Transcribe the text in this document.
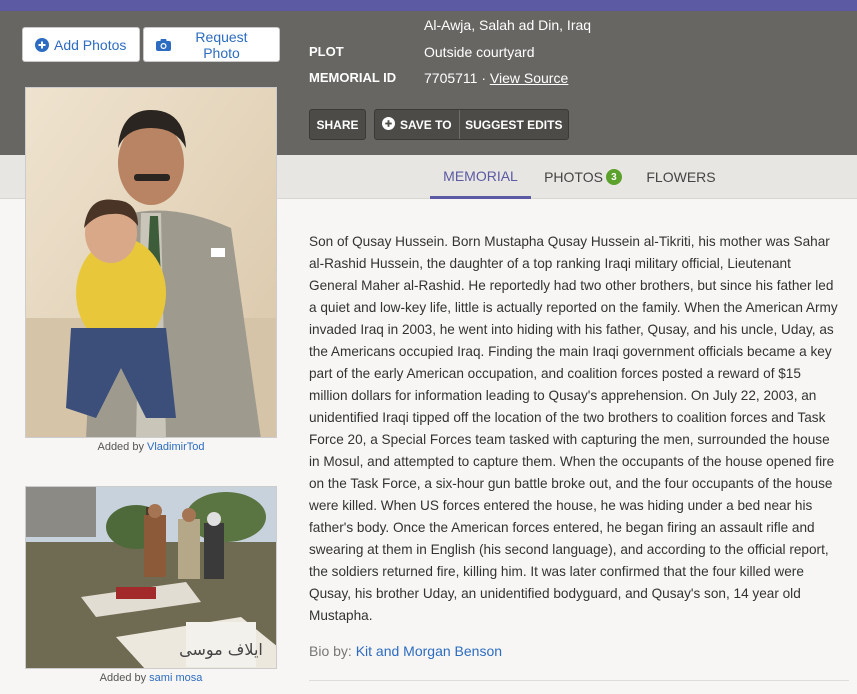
Add Photos	Request Photo
Added by VladimirTod
ايلاف موسى
Added by sami mosa
Al-Awja, Salah ad Din, Iraq
PLOT	Outside courtyard
MEMORIAL ID 7705711 · View Source
SHARE	SAVE TO	SUGGEST EDITS
MEMORIAL	PHOTOS 3	FLOWERS
Son of Qusay Hussein. Born Mustapha Qusay Hussein al-Tikriti, his mother was Sahar al-Rashid Hussein, the daughter of a top ranking Iraqi military official, Lieutenant General Maher al-Rashid. He reportedly had two other brothers, but since his father led a quiet and low-key life, little is actually reported on the family. When the American Army invaded Iraq in 2003, he went into hiding with his father, Qusay, and his uncle, Uday, as the Americans occupied Iraq. Finding the main Iraqi government officials became a key part of the early American occupation, and coalition forces posted a reward of $15 million dollars for information leading to Qusay's apprehension. On July 22, 2003, an unidentified Iraqi tipped off the location of the two brothers to coalition forces and Task Force 20, a Special Forces team tasked with capturing the men, surrounded the house in Mosul, and attempted to capture them. When the occupants of the house opened fire on the Task Force, a six-hour gun battle broke out, and the four occupants of the house were killed. When US forces entered the house, he was hiding under a bed near his father's body. Once the American forces entered, he began firing an assault rifle and swearing at them in English (his second language), and according to the official report, the soldiers returned fire, killing him. It was later confirmed that the four killed were Qusay, his brother Uday, an unidentified bodyguard, and Qusay's son, 14 year old Mustapha.
Bio by: Kit and Morgan Benson
